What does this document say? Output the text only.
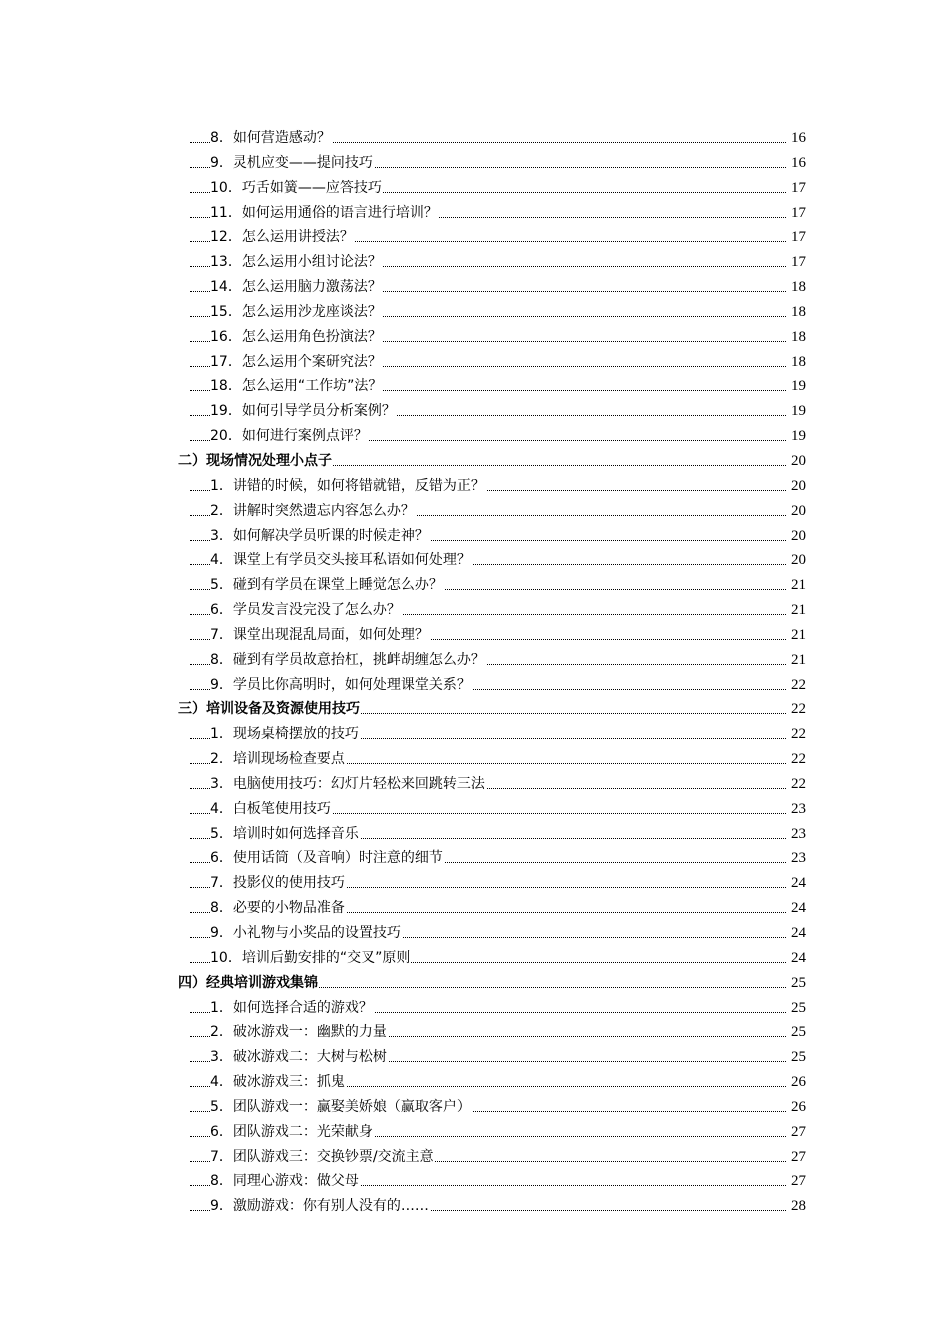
8．如何营造感动？	16
9．灵机应变——提问技巧	16
10．巧舌如簧——应答技巧	17
11．如何运用通俗的语言进行培训？	17
12．怎么运用讲授法？	17
13．怎么运用小组讨论法？	17
14．怎么运用脑力激荡法？	18
15．怎么运用沙龙座谈法？	18
16．怎么运用角色扮演法？	18
17．怎么运用个案研究法？	18
18．怎么运用“工作坊”法？	19
19．如何引导学员分析案例？	19
20．如何进行案例点评？	19
二）现场情况处理小点子	20
1．讲错的时候，如何将错就错，反错为正？	20
2．讲解时突然遗忘内容怎么办？	20
3．如何解决学员听课的时候走神？	20
4．课堂上有学员交头接耳私语如何处理？	20
5．碰到有学员在课堂上睡觉怎么办？	21
6．学员发言没完没了怎么办？	21
7．课堂出现混乱局面，如何处理？	21
8．碰到有学员故意抬杠，挑衅胡缠怎么办？	21
9．学员比你高明时，如何处理课堂关系？	22
三）培训设备及资源使用技巧	22
1．现场桌椅摆放的技巧	22
2．培训现场检查要点	22
3．电脑使用技巧：幻灯片轻松来回跳转三法	22
4．白板笔使用技巧	23
5．培训时如何选择音乐	23
6．使用话筒（及音响）时注意的细节	23
7．投影仪的使用技巧	24
8．必要的小物品准备	24
9．小礼物与小奖品的设置技巧	24
10．培训后勤安排的“交叉”原则	24
四）经典培训游戏集锦	25
1．如何选择合适的游戏？	25
2．破冰游戏一：幽默的力量	25
3．破冰游戏二：大树与松树	25
4．破冰游戏三：抓鬼	26
5．团队游戏一：赢娶美娇娘（赢取客户）	26
6．团队游戏二：光荣献身	27
7．团队游戏三：交换钞票/交流主意	27
8．同理心游戏：做父母	27
9．激励游戏：你有别人没有的……	28
